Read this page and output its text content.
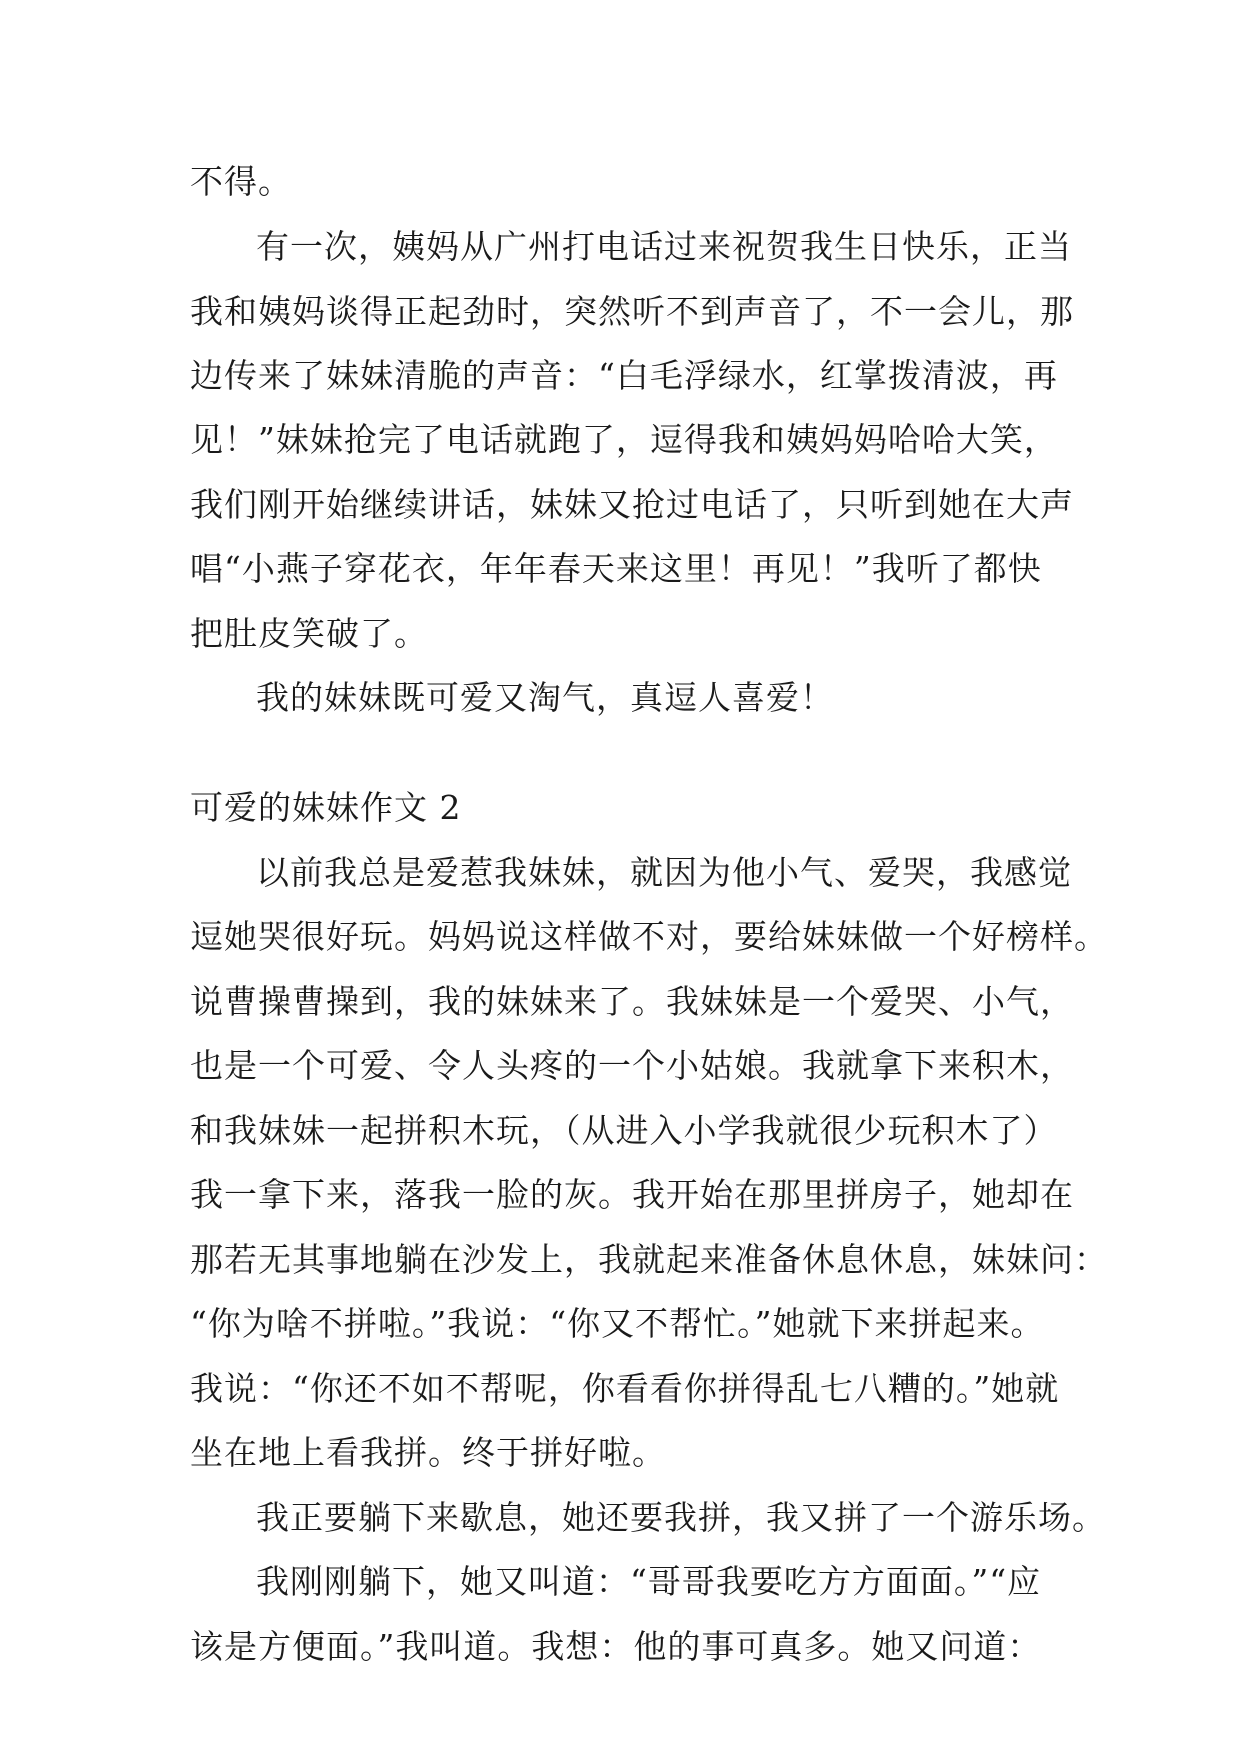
不得。
有一次，姨妈从广州打电话过来祝贺我生日快乐，正当
我和姨妈谈得正起劲时，突然听不到声音了，不一会儿，那
边传来了妹妹清脆的声音：“白毛浮绿水，红掌拨清波，再
见！”妹妹抢完了电话就跑了，逗得我和姨妈妈哈哈大笑，
我们刚开始继续讲话，妹妹又抢过电话了，只听到她在大声
唱“小燕子穿花衣，年年春天来这里！再见！”我听了都快
把肚皮笑破了。
我的妹妹既可爱又淘气，真逗人喜爱！
可爱的妹妹作文 2
以前我总是爱惹我妹妹，就因为他小气、爱哭，我感觉
逗她哭很好玩。妈妈说这样做不对，要给妹妹做一个好榜样。
说曹操曹操到，我的妹妹来了。我妹妹是一个爱哭、小气，
也是一个可爱、令人头疼的一个小姑娘。我就拿下来积木，
和我妹妹一起拼积木玩，（从进入小学我就很少玩积木了）
我一拿下来，落我一脸的灰。我开始在那里拼房子，她却在
那若无其事地躺在沙发上，我就起来准备休息休息，妹妹问：
“你为啥不拼啦。”我说：“你又不帮忙。”她就下来拼起来。
我说：“你还不如不帮呢，你看看你拼得乱七八糟的。”她就
坐在地上看我拼。终于拼好啦。
我正要躺下来歇息，她还要我拼，我又拼了一个游乐场。
我刚刚躺下，她又叫道：“哥哥我要吃方方面面。”“应
该是方便面。”我叫道。我想：他的事可真多。她又问道：
